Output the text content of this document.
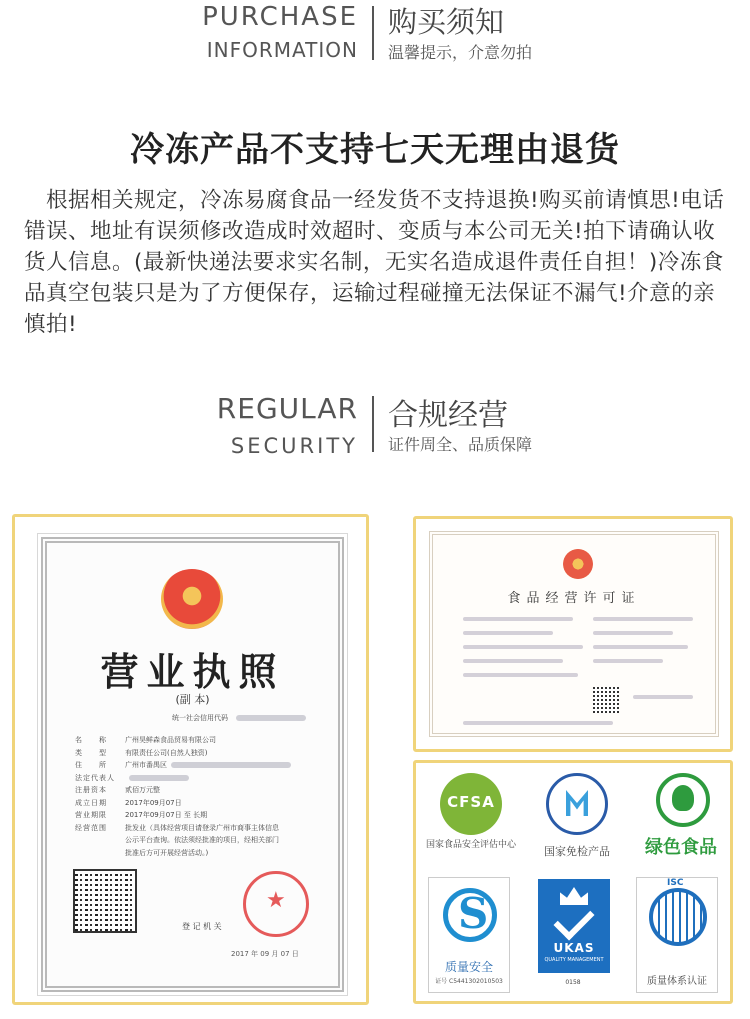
PURCHASE
INFORMATION
购买须知
温馨提示，介意勿拍
冷冻产品不支持七天无理由退货
根据相关规定，冷冻易腐食品一经发货不支持退换!购买前请慎思!电话错误、地址有误须修改造成时效超时、变质与本公司无关!拍下请确认收货人信息。(最新快递法要求实名制，无实名造成退件责任自担！)冷冻食品真空包装只是为了方便保存，运输过程碰撞无法保证不漏气!介意的亲慎拍!
REGULAR
SECURITY
合规经营
证件周全、品质保障
营业执照
(副 本)
统一社会信用代码
名　　称	广州昊鲜森食品贸易有限公司
类　　型	有限责任公司(自然人独资)
住　　所	广州市番禺区
法定代表人
注册资本	贰佰万元整
成立日期	2017年09月07日
营业期限	2017年09月07日 至 长期
经营范围	批发业（具体经营项目请登录广州市商事主体信息
公示平台查询。依法须经批准的项目，经相关部门
批准后方可开展经营活动。)
★
登 记 机 关
2017 年 09 月 07 日
食品经营许可证
CFSA
国家食品安全评估中心	国家免检产品	绿色食品
S
质量安全
证号 C5441302010503
UKAS
QUALITY MANAGEMENT
0158
ISC
质量体系认证
